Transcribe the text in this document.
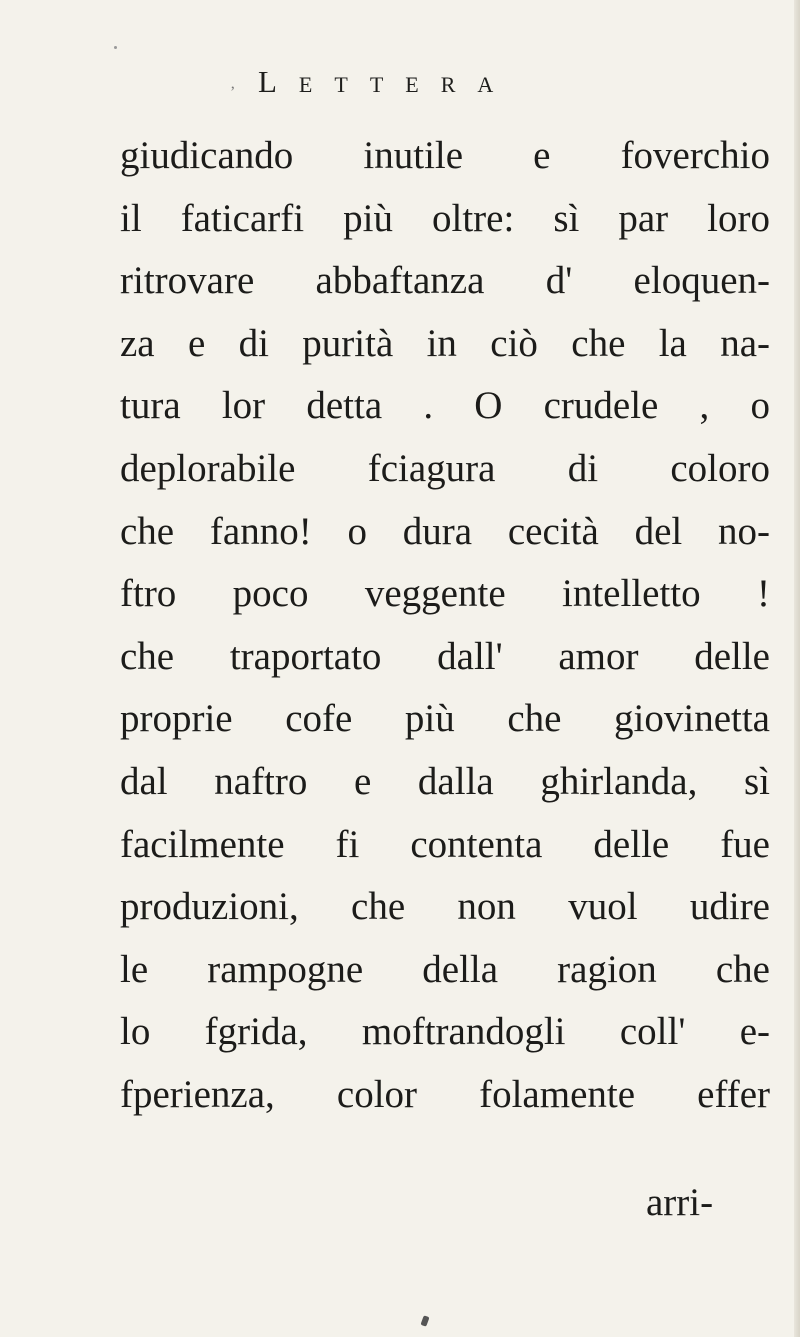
’ Lettera
giudicando inutile e foverchio
il faticarfi più oltre: sì par loro
ritrovare abbaftanza d' eloquen-
za e di purità in ciò che la na-
tura lor detta . O crudele , o
deplorabile fciagura di coloro
che fanno! o dura cecità del no-
ftro poco veggente intelletto !
che traportato dall' amor delle
proprie cofe più che giovinetta
dal naftro e dalla ghirlanda, sì
facilmente fi contenta delle fue
produzioni, che non vuol udire
le rampogne della ragion che
lo fgrida, moftrandogli coll' e-
fperienza, color folamente effer
arri-
